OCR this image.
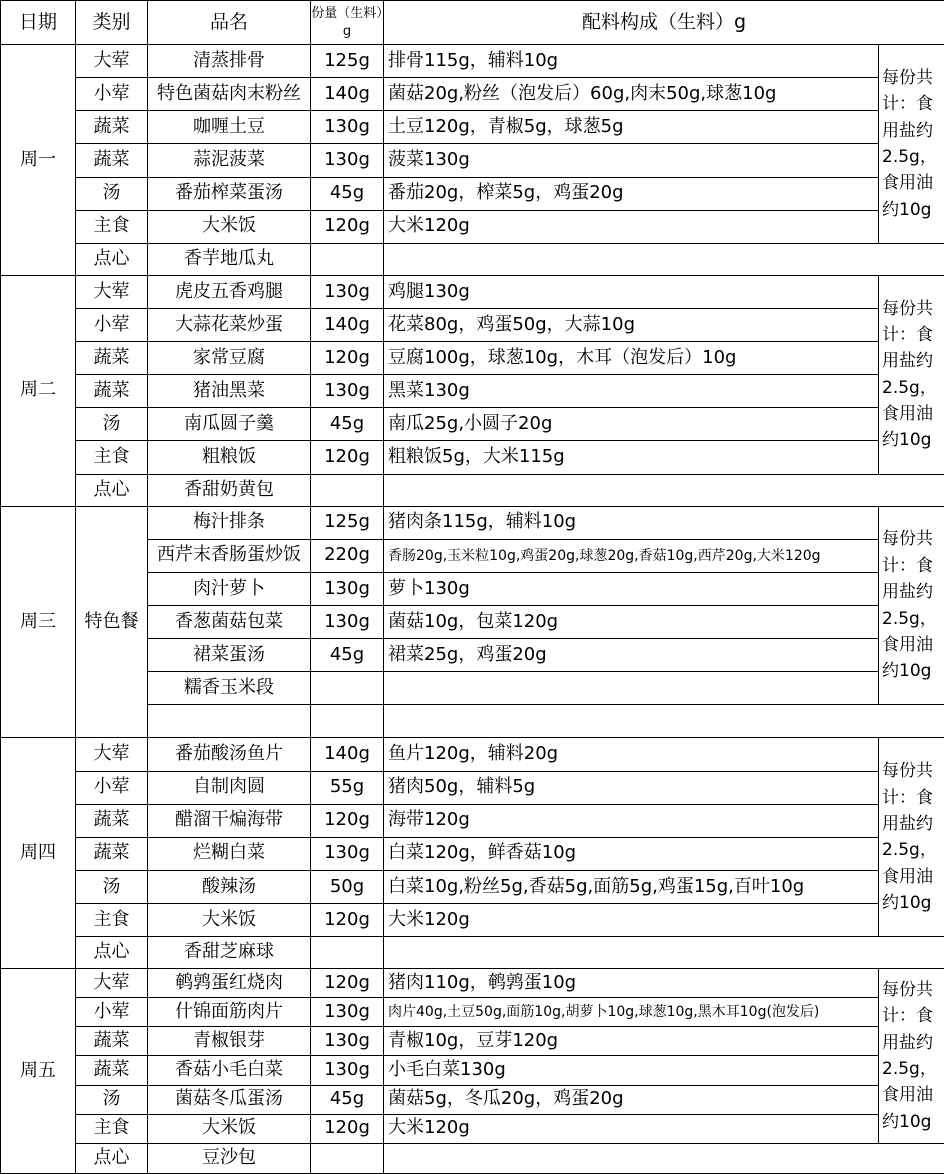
日期	类别	品名	份量（生料）g	配料构成（生料）g	
周一	大荤	清蒸排骨	125g	排骨115g，辅料10g	每份共计：食用盐约2.5g，食用油约10g
	小荤	特色菌菇肉末粉丝	140g	菌菇20g,粉丝（泡发后）60g,肉末50g,球葱10g	
	蔬菜	咖喱土豆	130g	土豆120g，青椒5g，球葱5g	
	蔬菜	蒜泥菠菜	130g	菠菜130g	
	汤	番茄榨菜蛋汤	45g	番茄20g，榨菜5g，鸡蛋20g	
	主食	大米饭	120g	大米120g	
	点心	香芋地瓜丸			
周二	大荤	虎皮五香鸡腿	130g	鸡腿130g	每份共计：食用盐约2.5g，食用油约10g
	小荤	大蒜花菜炒蛋	140g	花菜80g，鸡蛋50g，大蒜10g	
	蔬菜	家常豆腐	120g	豆腐100g，球葱10g，木耳（泡发后）10g	
	蔬菜	猪油黑菜	130g	黑菜130g	
	汤	南瓜圆子羹	45g	南瓜25g,小圆子20g	
	主食	粗粮饭	120g	粗粮饭5g，大米115g	
	点心	香甜奶黄包			
周三	特色餐	梅汁排条	125g	猪肉条115g，辅料10g	每份共计：食用盐约2.5g，食用油约10g
		西芹末香肠蛋炒饭	220g	香肠20g,玉米粒10g,鸡蛋20g,球葱20g,香菇10g,西芹20g,大米120g	
		肉汁萝卜	130g	萝卜130g	
		香葱菌菇包菜	130g	菌菇10g，包菜120g	
		裙菜蛋汤	45g	裙菜25g，鸡蛋20g	
		糯香玉米段			

周四	大荤	番茄酸汤鱼片	140g	鱼片120g，辅料20g	每份共计：食用盐约2.5g，食用油约10g
	小荤	自制肉圆	55g	猪肉50g，辅料5g	
	蔬菜	醋溜干煸海带	120g	海带120g	
	蔬菜	烂糊白菜	130g	白菜120g，鲜香菇10g	
	汤	酸辣汤	50g	白菜10g,粉丝5g,香菇5g,面筋5g,鸡蛋15g,百叶10g	
	主食	大米饭	120g	大米120g	
	点心	香甜芝麻球			
周五	大荤	鹌鹑蛋红烧肉	120g	猪肉110g，鹌鹑蛋10g	每份共计：食用盐约2.5g，食用油约10g
	小荤	什锦面筋肉片	130g	肉片40g,土豆50g,面筋10g,胡萝卜10g,球葱10g,黑木耳10g(泡发后)	
	蔬菜	青椒银芽	130g	青椒10g，豆芽120g	
	蔬菜	香菇小毛白菜	130g	小毛白菜130g	
	汤	菌菇冬瓜蛋汤	45g	菌菇5g，冬瓜20g，鸡蛋20g	
	主食	大米饭	120g	大米120g	
	点心	豆沙包			
